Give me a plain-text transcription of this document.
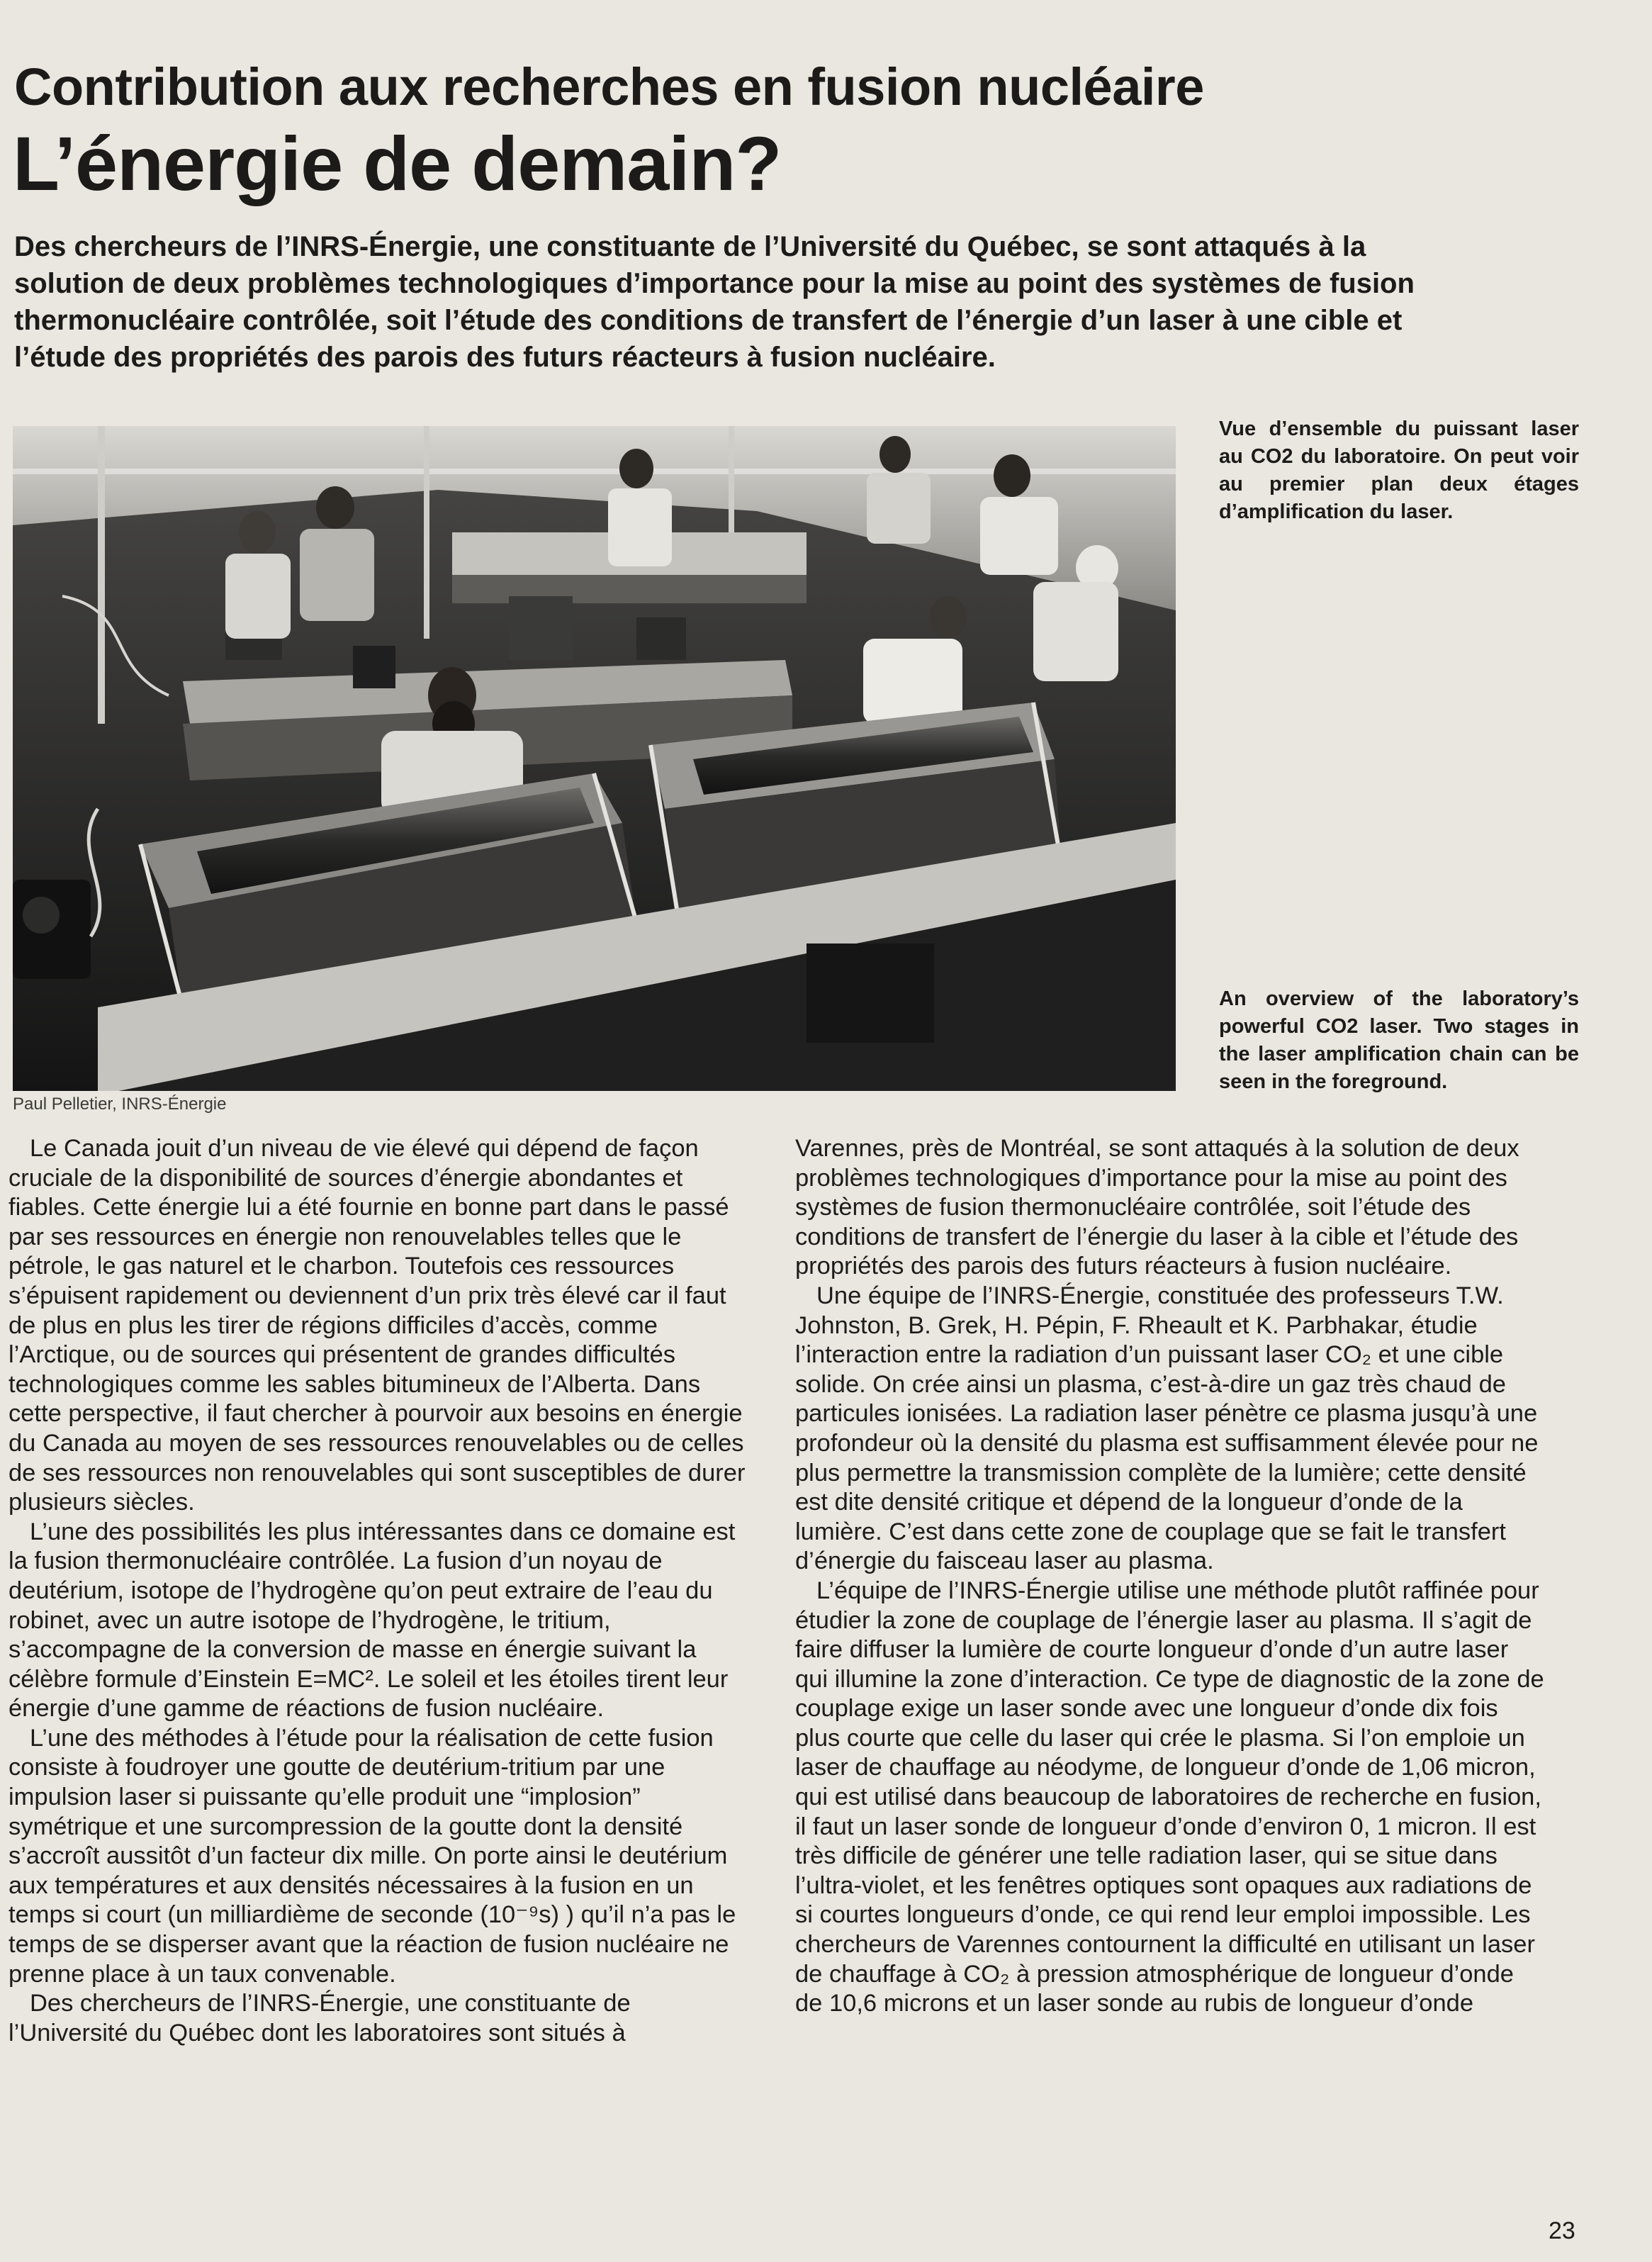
Contribution aux recherches en fusion nucléaire
L’énergie de demain?

Des chercheurs de l’INRS-Énergie, une constituante de l’Université du Québec, se sont attaqués à la solution de deux problèmes technologiques d’importance pour la mise au point des systèmes de fusion thermonucléaire contrôlée, soit l’étude des conditions de transfert de l’énergie d’un laser à une cible et l’étude des propriétés des parois des futurs réacteurs à fusion nucléaire.

Paul Pelletier, INRS-Énergie

Vue d’ensemble du puissant laser au CO2 du laboratoire. On peut voir au premier plan deux étages d’amplification du laser.

An overview of the laboratory’s powerful CO2 laser. Two stages in the laser amplification chain can be seen in the foreground.

Le Canada jouit d’un niveau de vie élevé qui dépend de façon cruciale de la disponibilité de sources d’énergie abondantes et fiables. Cette énergie lui a été fournie en bonne part dans le passé par ses ressources en énergie non renouvelables telles que le pétrole, le gas naturel et le charbon. Toutefois ces ressources s’épuisent rapidement ou deviennent d’un prix très élevé car il faut de plus en plus les tirer de régions difficiles d’accès, comme l’Arctique, ou de sources qui présentent de grandes difficultés technologiques comme les sables bitumineux de l’Alberta. Dans cette perspective, il faut chercher à pourvoir aux besoins en énergie du Canada au moyen de ses ressources renouvelables ou de celles de ses ressources non renouvelables qui sont susceptibles de durer plusieurs siècles.

L’une des possibilités les plus intéressantes dans ce domaine est la fusion thermonucléaire contrôlée. La fusion d’un noyau de deutérium, isotope de l’hydrogène qu’on peut extraire de l’eau du robinet, avec un autre isotope de l’hydrogène, le tritium, s’accompagne de la conversion de masse en énergie suivant la célèbre formule d’Einstein E=MC². Le soleil et les étoiles tirent leur énergie d’une gamme de réactions de fusion nucléaire.

L’une des méthodes à l’étude pour la réalisation de cette fusion consiste à foudroyer une goutte de deutérium-tritium par une impulsion laser si puissante qu’elle produit une “implosion” symétrique et une surcompression de la goutte dont la densité s’accroît aussitôt d’un facteur dix mille. On porte ainsi le deutérium aux températures et aux densités nécessaires à la fusion en un temps si court (un milliardième de seconde (10⁻⁹s) ) qu’il n’a pas le temps de se disperser avant que la réaction de fusion nucléaire ne prenne place à un taux convenable.

Des chercheurs de l’INRS-Énergie, une constituante de l’Université du Québec dont les laboratoires sont situés à

Varennes, près de Montréal, se sont attaqués à la solution de deux problèmes technologiques d’importance pour la mise au point des systèmes de fusion thermonucléaire contrôlée, soit l’étude des conditions de transfert de l’énergie du laser à la cible et l’étude des propriétés des parois des futurs réacteurs à fusion nucléaire.

Une équipe de l’INRS-Énergie, constituée des professeurs T.W. Johnston, B. Grek, H. Pépin, F. Rheault et K. Parbhakar, étudie l’interaction entre la radiation d’un puissant laser CO₂ et une cible solide. On crée ainsi un plasma, c’est-à-dire un gaz très chaud de particules ionisées. La radiation laser pénètre ce plasma jusqu’à une profondeur où la densité du plasma est suffisamment élevée pour ne plus permettre la transmission complète de la lumière; cette densité est dite densité critique et dépend de la longueur d’onde de la lumière. C’est dans cette zone de couplage que se fait le transfert d’énergie du faisceau laser au plasma.

L’équipe de l’INRS-Énergie utilise une méthode plutôt raffinée pour étudier la zone de couplage de l’énergie laser au plasma. Il s’agit de faire diffuser la lumière de courte longueur d’onde d’un autre laser qui illumine la zone d’interaction. Ce type de diagnostic de la zone de couplage exige un laser sonde avec une longueur d’onde dix fois plus courte que celle du laser qui crée le plasma. Si l’on emploie un laser de chauffage au néodyme, de longueur d’onde de 1,06 micron, qui est utilisé dans beaucoup de laboratoires de recherche en fusion, il faut un laser sonde de longueur d’onde d’environ 0, 1 micron. Il est très difficile de générer une telle radiation laser, qui se situe dans l’ultra-violet, et les fenêtres optiques sont opaques aux radiations de si courtes longueurs d’onde, ce qui rend leur emploi impossible. Les chercheurs de Varennes contournent la difficulté en utilisant un laser de chauffage à CO₂ à pression atmosphérique de longueur d’onde de 10,6 microns et un laser sonde au rubis de longueur d’onde

23
